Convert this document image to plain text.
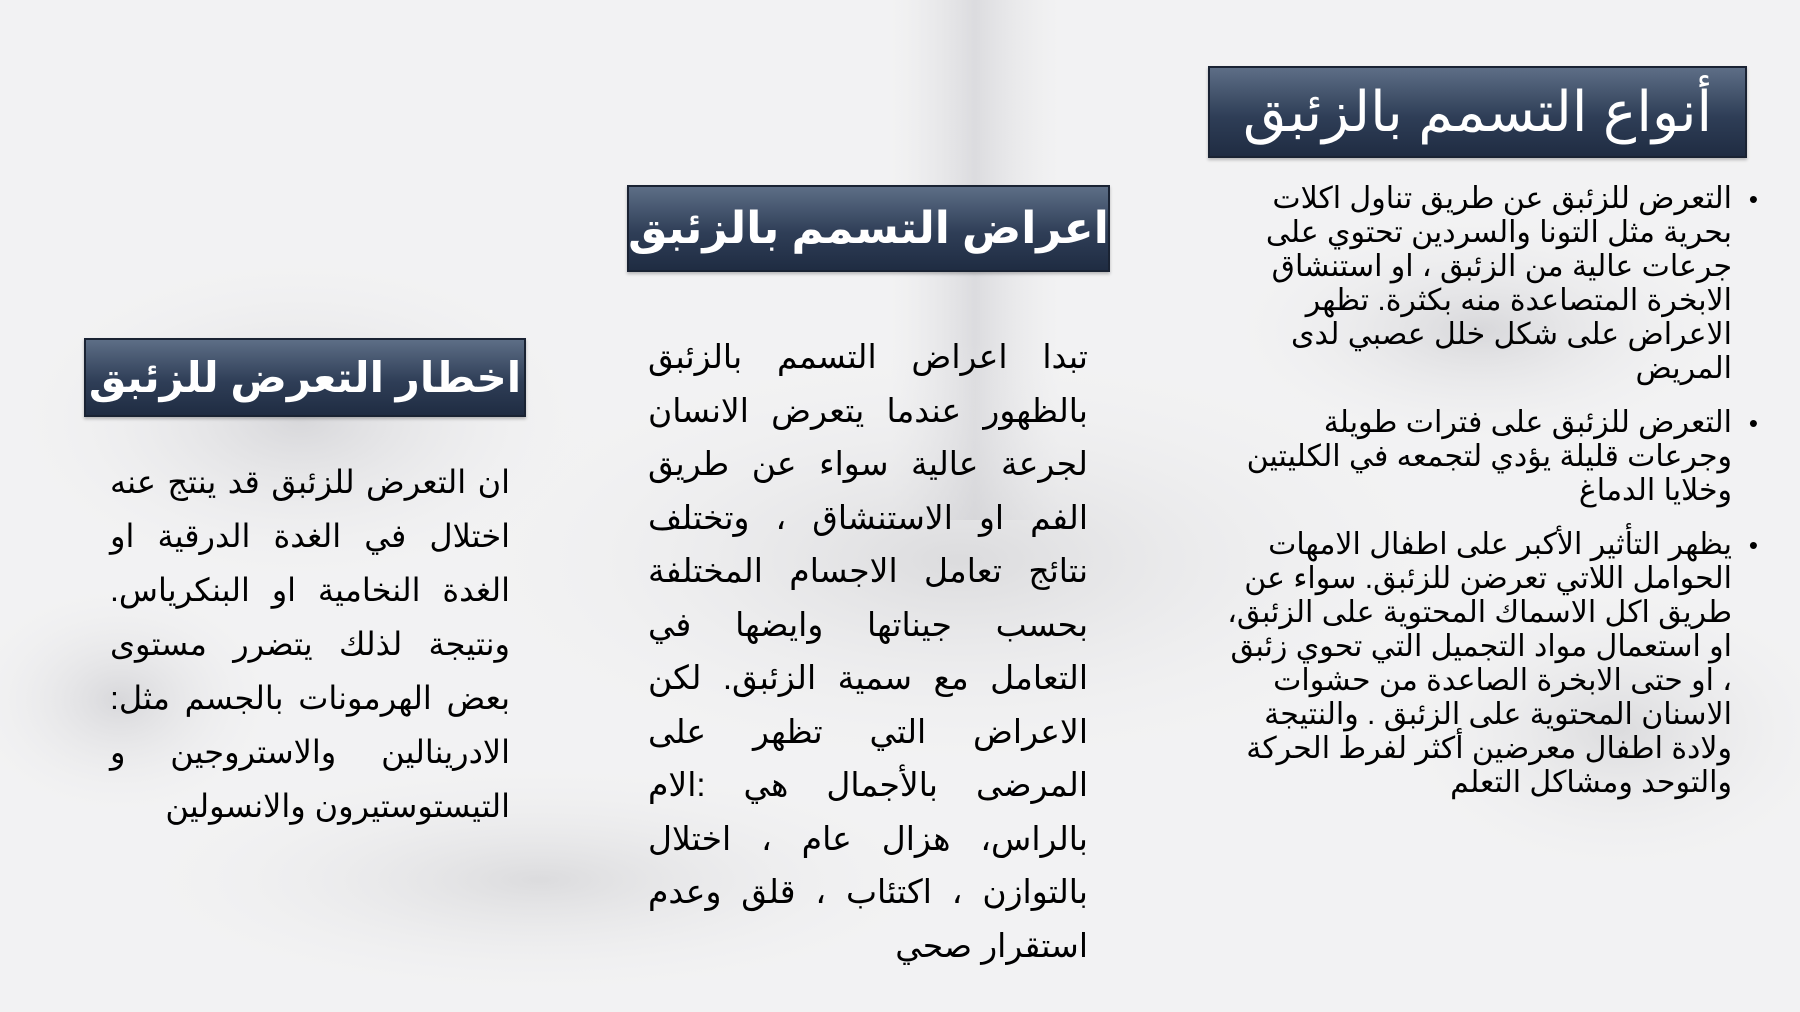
أنواع التسمم بالزئبق
• التعرض للزئبق عن طريق تناول اكلات بحرية مثل التونا والسردين تحتوي على جرعات عالية من الزئبق ، او استنشاق الابخرة المتصاعدة منه بكثرة. تظهر الاعراض على شكل خلل عصبي لدى المريض
• التعرض للزئبق على فترات طويلة وجرعات قليلة يؤدي لتجمعه في الكليتين وخلايا الدماغ
• يظهر التأثير الأكبر على اطفال الامهات الحوامل اللاتي تعرضن للزئبق. سواء عن طريق اكل الاسماك المحتوية على الزئبق، او استعمال مواد التجميل التي تحوي زئبق ، او حتى الابخرة الصاعدة من حشوات الاسنان المحتوية على الزئبق . والنتيجة ولادة اطفال معرضين أكثر لفرط الحركة والتوحد ومشاكل التعلم
اعراض التسمم بالزئبق

تبدا اعراض التسمم بالزئبق بالظهور عندما يتعرض الانسان لجرعة عالية سواء عن طريق الفم او الاستنشاق ، وتختلف نتائج تعامل الاجسام المختلفة بحسب جيناتها وايضها في التعامل مع سمية الزئبق. لكن الاعراض التي تظهر على المرضى بالأجمال هي :الام بالراس، هزال عام ، اختلال بالتوازن ، اكتئاب ، قلق وعدم استقرار صحي

اخطار التعرض للزئبق

ان التعرض للزئبق قد ينتج عنه اختلال في الغدة الدرقية او الغدة النخامية او البنكرياس. ونتيجة لذلك يتضرر مستوى بعض الهرمونات بالجسم مثل: الادرينالين والاستروجين و التيستوستيرون والانسولين
